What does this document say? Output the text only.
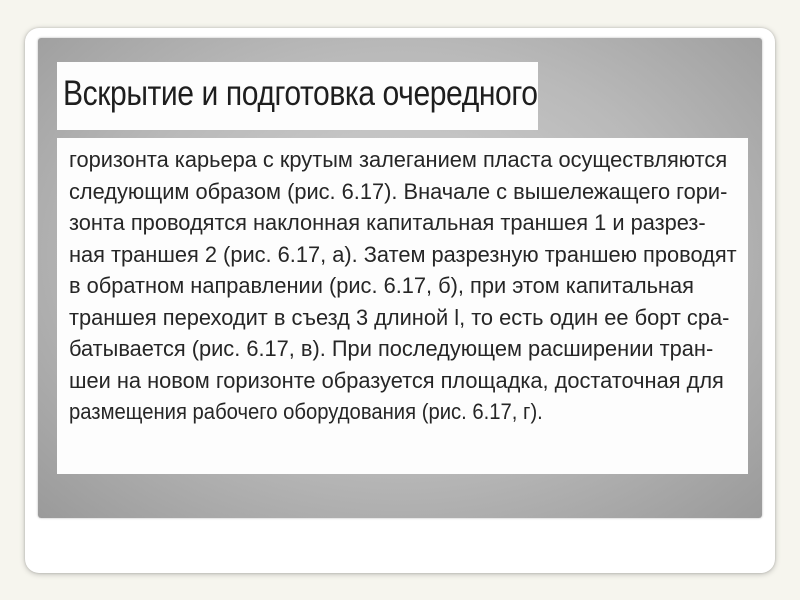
Вскрытие и подготовка очередного
горизонта карьера с крутым залеганием пласта осуществляются
следующим образом (рис. 6.17). Вначале с вышележащего гори-
зонта проводятся наклонная капитальная траншея 1 и разрез-
ная траншея 2 (рис. 6.17, а). Затем разрезную траншею проводят
в обратном направлении (рис. 6.17, б), при этом капитальная
траншея переходит в съезд 3 длиной l, то есть один ее борт сра-
батывается (рис. 6.17, в). При последующем расширении тран-
шеи на новом горизонте образуется площадка, достаточная для
размещения рабочего оборудования (рис. 6.17, г).
